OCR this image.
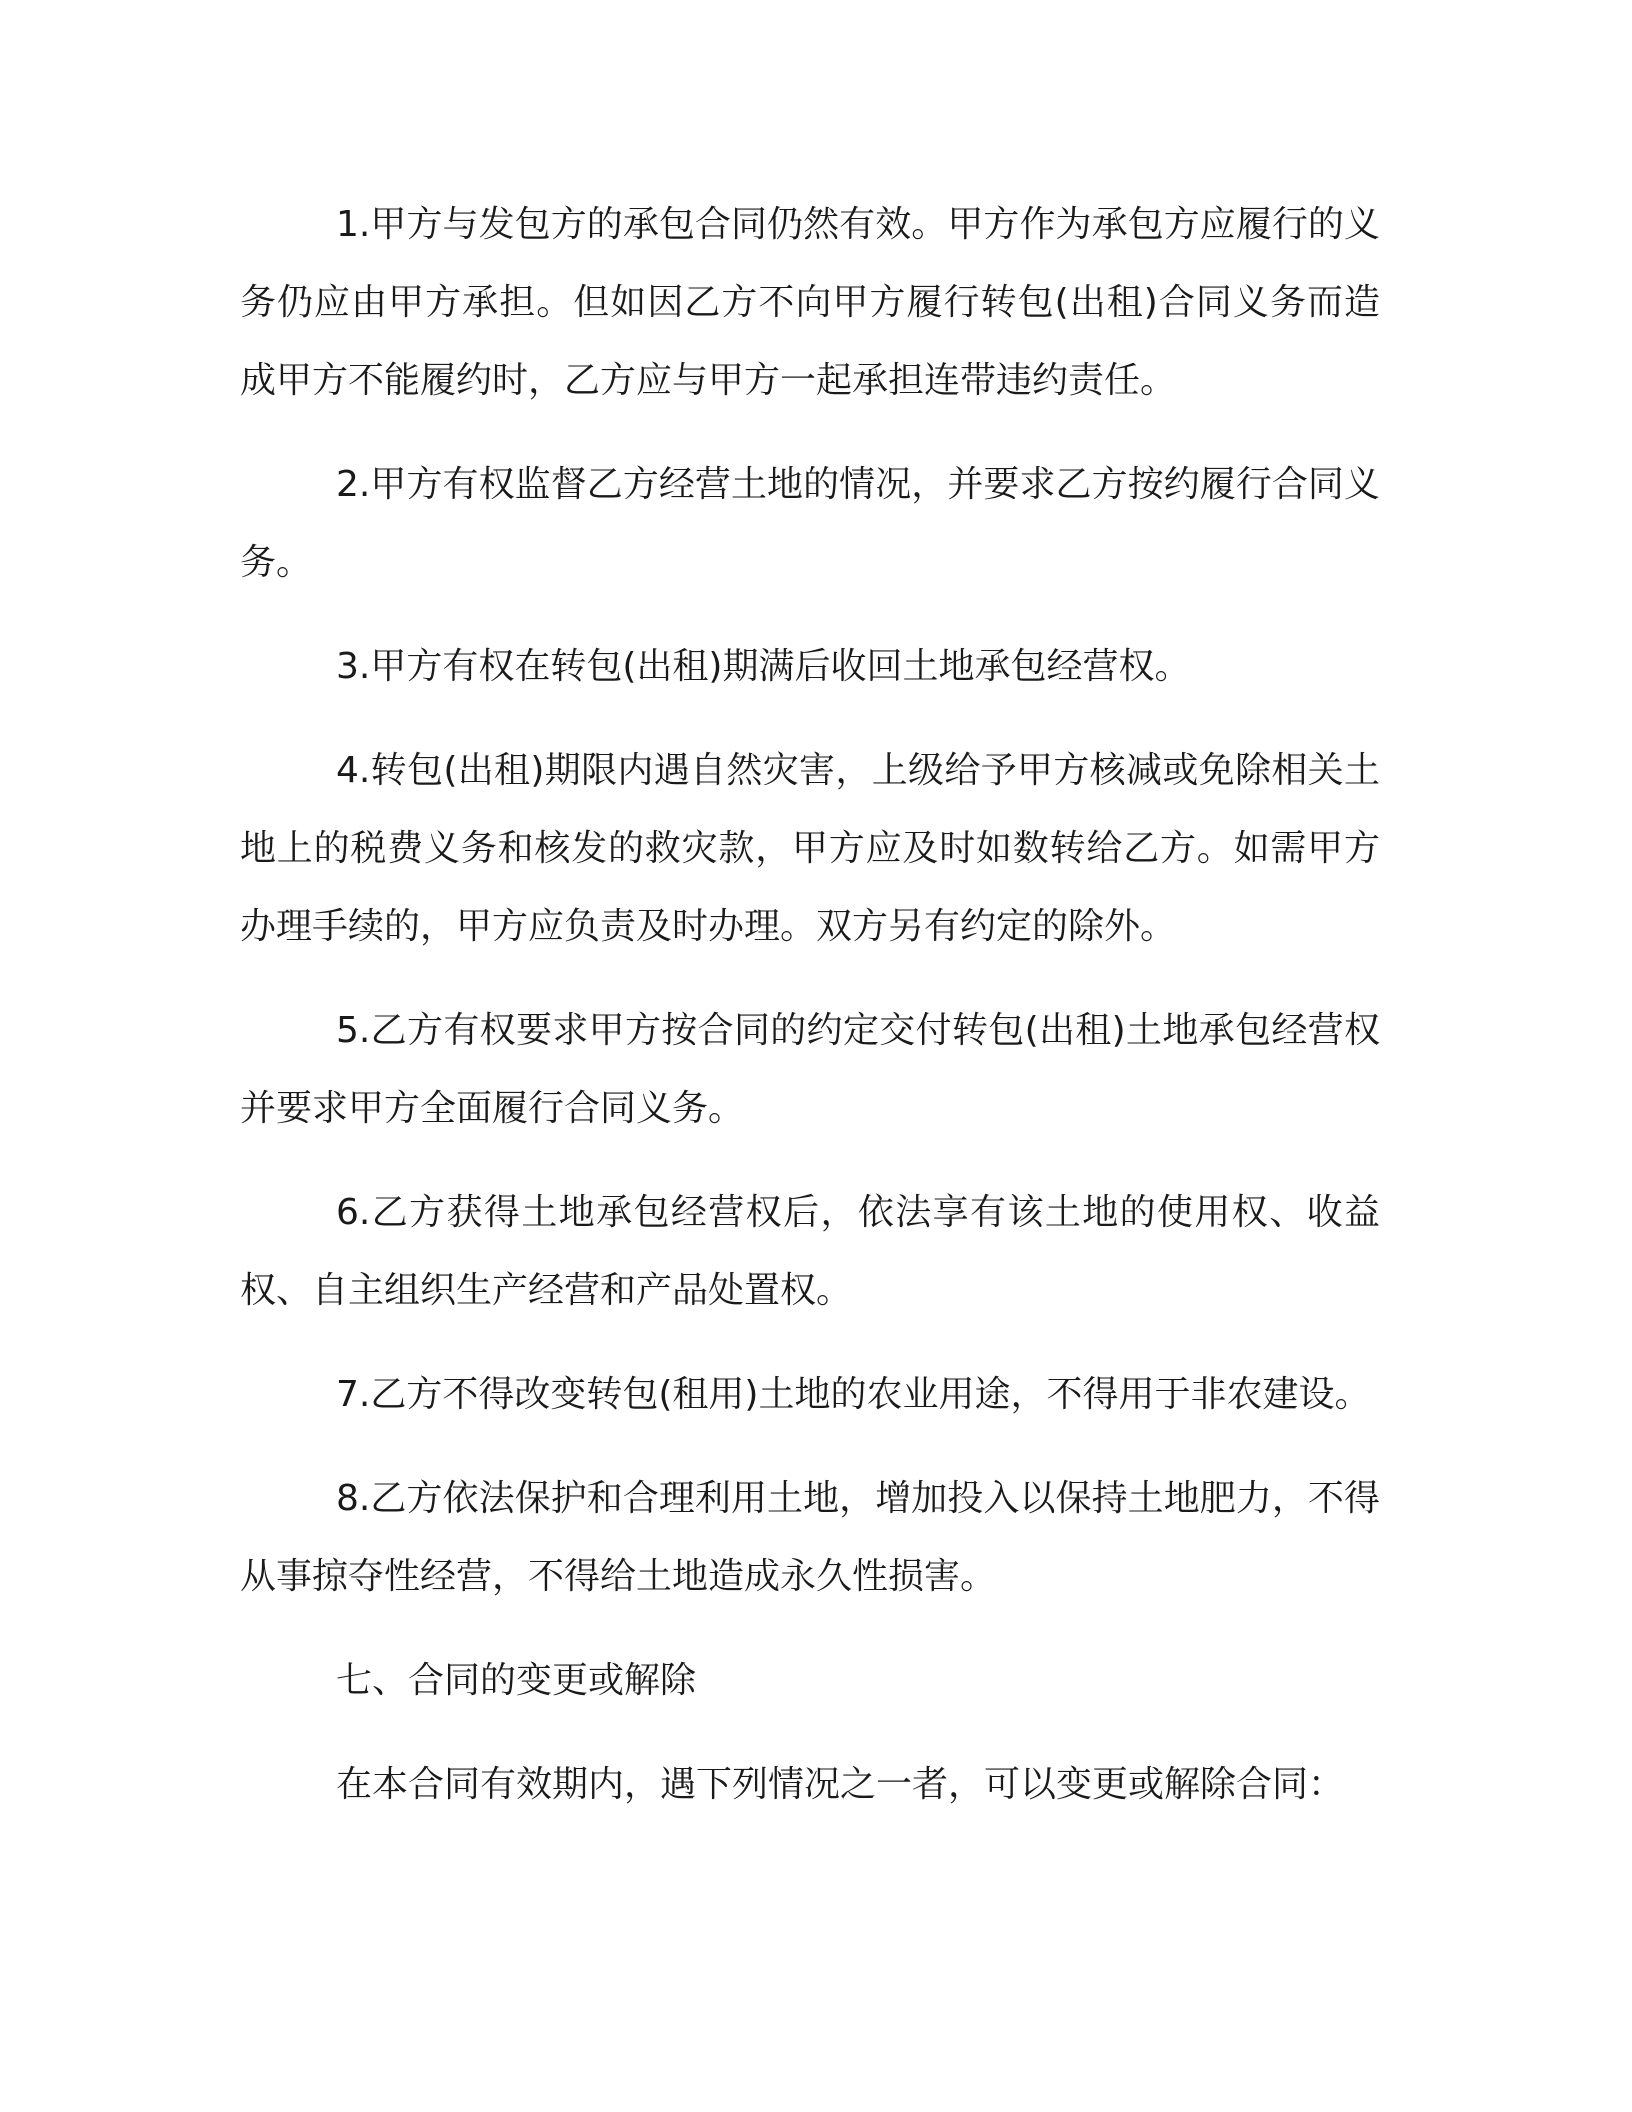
1.甲方与发包方的承包合同仍然有效。甲方作为承包方应履行的义务仍应由甲方承担。但如因乙方不向甲方履行转包(出租)合同义务而造成甲方不能履约时，乙方应与甲方一起承担连带违约责任。

2.甲方有权监督乙方经营土地的情况，并要求乙方按约履行合同义务。

3.甲方有权在转包(出租)期满后收回土地承包经营权。

4.转包(出租)期限内遇自然灾害，上级给予甲方核减或免除相关土地上的税费义务和核发的救灾款，甲方应及时如数转给乙方。如需甲方办理手续的，甲方应负责及时办理。双方另有约定的除外。

5.乙方有权要求甲方按合同的约定交付转包(出租)土地承包经营权并要求甲方全面履行合同义务。

6.乙方获得土地承包经营权后，依法享有该土地的使用权、收益权、自主组织生产经营和产品处置权。

7.乙方不得改变转包(租用)土地的农业用途，不得用于非农建设。

8.乙方依法保护和合理利用土地，增加投入以保持土地肥力，不得从事掠夺性经营，不得给土地造成永久性损害。

七、合同的变更或解除

在本合同有效期内，遇下列情况之一者，可以变更或解除合同：
